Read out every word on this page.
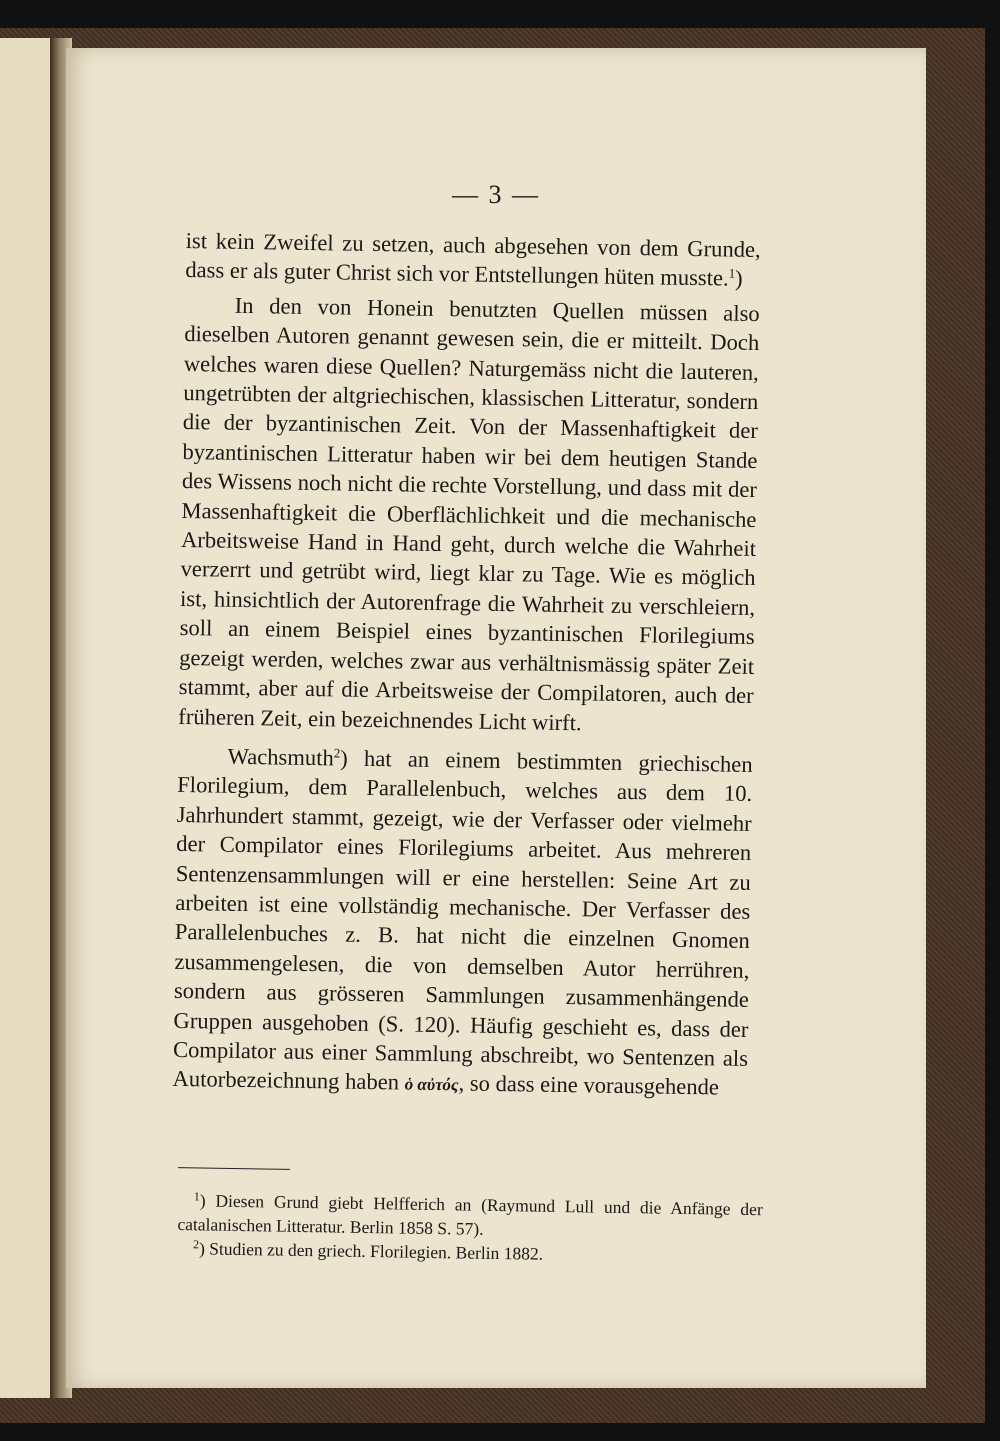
— 3 —

ist kein Zweifel zu setzen, auch abgesehen von dem Grunde, dass er als guter Christ sich vor Entstellungen hüten musste.$^1$)

In den von Honein benutzten Quellen müssen also dieselben Autoren genannt gewesen sein, die er mitteilt. Doch welches waren diese Quellen? Naturgemäss nicht die lauteren, ungetrübten der altgriechischen, klassischen Litteratur, sondern die der byzantinischen Zeit. Von der Massenhaftigkeit der byzantinischen Litteratur haben wir bei dem heutigen Stande des Wissens noch nicht die rechte Vorstellung, und dass mit der Massenhaftigkeit die Oberflächlichkeit und die mechanische Arbeitsweise Hand in Hand geht, durch welche die Wahrheit verzerrt und getrübt wird, liegt klar zu Tage. Wie es möglich ist, hinsichtlich der Autorenfrage die Wahrheit zu verschleiern, soll an einem Beispiel eines byzantinischen Florilegiums gezeigt werden, welches zwar aus verhältnismässig später Zeit stammt, aber auf die Arbeitsweise der Compilatoren, auch der früheren Zeit, ein bezeichnendes Licht wirft.

Wachsmuth$^2$) hat an einem bestimmten griechischen Florilegium, dem Parallelenbuch, welches aus dem 10. Jahrhundert stammt, gezeigt, wie der Verfasser oder vielmehr der Compilator eines Florilegiums arbeitet. Aus mehreren Sentenzensammlungen will er eine herstellen: Seine Art zu arbeiten ist eine vollständig mechanische. Der Verfasser des Parallelenbuches z. B. hat nicht die einzelnen Gnomen zusammengelesen, die von demselben Autor herrühren, sondern aus grösseren Sammlungen zusammenhängende Gruppen ausgehoben (S. 120). Häufig geschieht es, dass der Compilator aus einer Sammlung abschreibt, wo Sentenzen als Autorbezeichnung haben ὁ αὐτός, so dass eine vorausgehende

$^1$) Diesen Grund giebt Helfferich an (Raymund Lull und die Anfänge der catalanischen Litteratur. Berlin 1858 S. 57).

$^2$) Studien zu den griech. Florilegien. Berlin 1882.
